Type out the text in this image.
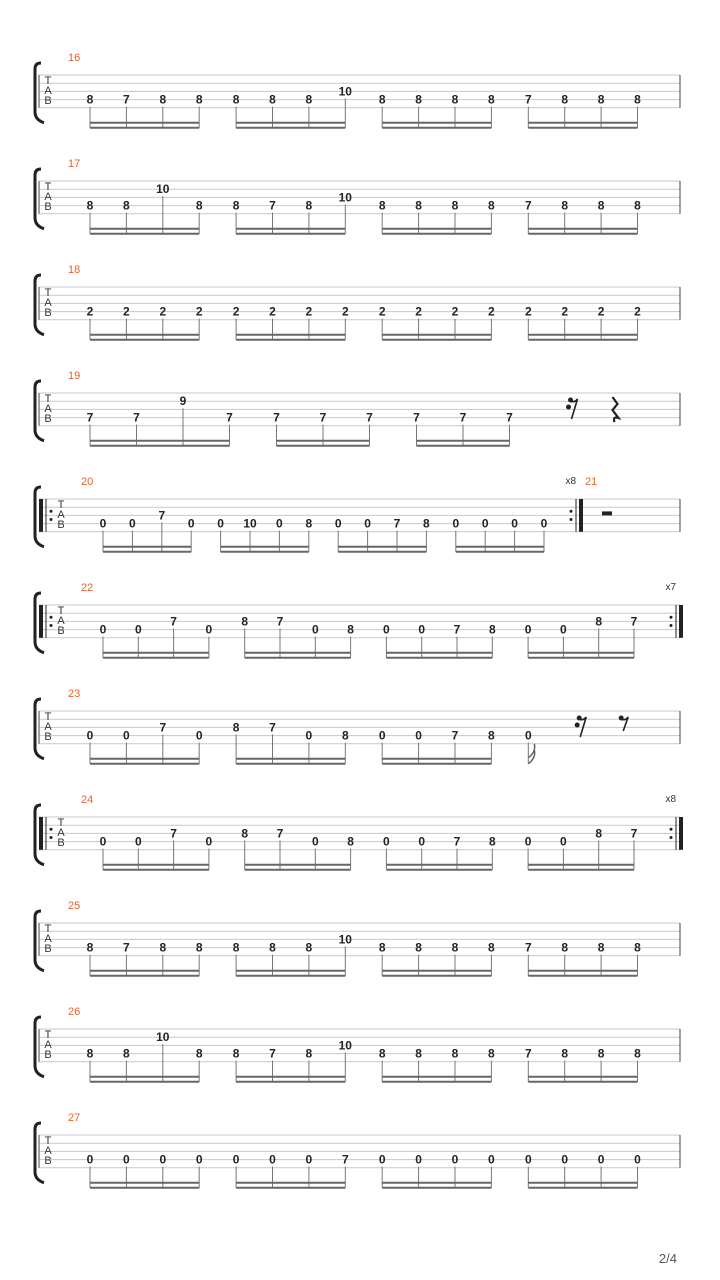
T
A
B
16
8 7 8 8	8 8 8
10
8 8 8 8	7 8 8 8
T
A
B
17
8 8
10
8	8 7 8
10
8 8 8 8	7 8 8 8
T
A
B
18
2 2 2 2	2 2 2 2	2 2 2 2	2 2 2 2
T
A
B
19
7	7
9
7	7	7	7	7	7	7
T
A
B
20
0 0
7
0 0 10 0 8 0 0 7 8 0 0 0 0
x8 21
T
A
B
22
0 0
7
0
8 7
0 8 0 0 7 8 0 0
8 7
x7
T
A
B
23
0 0
7
0
8 7
0 8	0 0 7 8	0
T
A
B
24
0 0
7
0
8 7
0 8 0 0 7 8 0 0
8 7
x8
T
A
B
25
8 7 8 8	8 8 8
10
8 8 8 8	7 8 8 8
T
A
B
26
8 8
10
8	8 7 8
10
8 8 8 8	7 8 8 8
T
A
B
27
0 0 0 0	0 0 0 7	0 0 0 0	0 0 0 0
2/4
